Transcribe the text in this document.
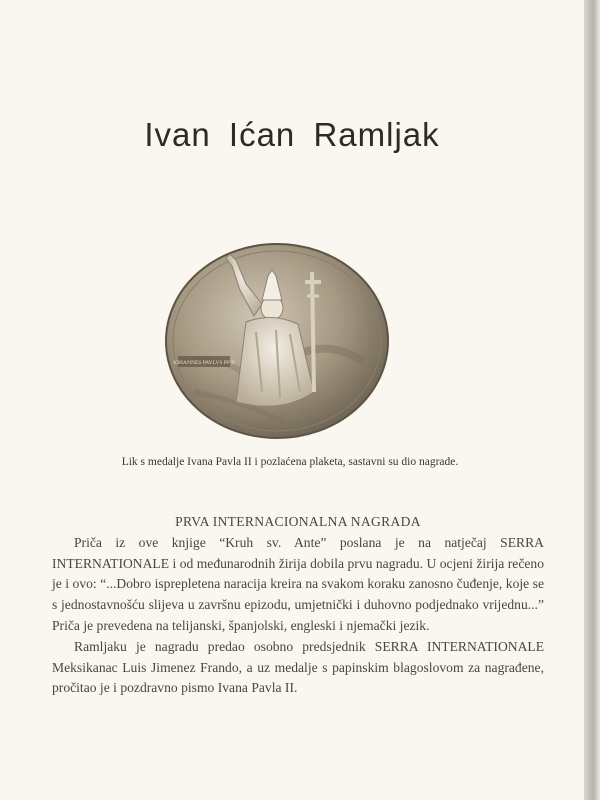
Ivan Ićan Ramljak
IOHANNES PAVLVS PP II
Lik s medalje Ivana Pavla II i pozlaćena plaketa, sastavni su dio nagrade.
PRVA INTERNACIONALNA NAGRADA

Priča iz ove knjige “Kruh sv. Ante” poslana je na natječaj SERRA INTERNATIONALE i od međunarodnih žirija dobila prvu nagradu. U ocjeni žirija rečeno je i ovo: “...Dobro isprepletena naracija kreira na svakom koraku zanosno čuđenje, koje se s jednostavnošću slijeva u završnu epizodu, umjetnički i duhovno podjednako vrijednu...” Priča je prevedena na telijanski, španjolski, engleski i njemački jezik.

Ramljaku je nagradu predao osobno predsjednik SERRA INTERNATIONALE Meksikanac Luis Jimenez Frando, a uz medalje s papinskim blagoslovom za nagrađene, pročitao je i pozdravno pismo Ivana Pavla II.
